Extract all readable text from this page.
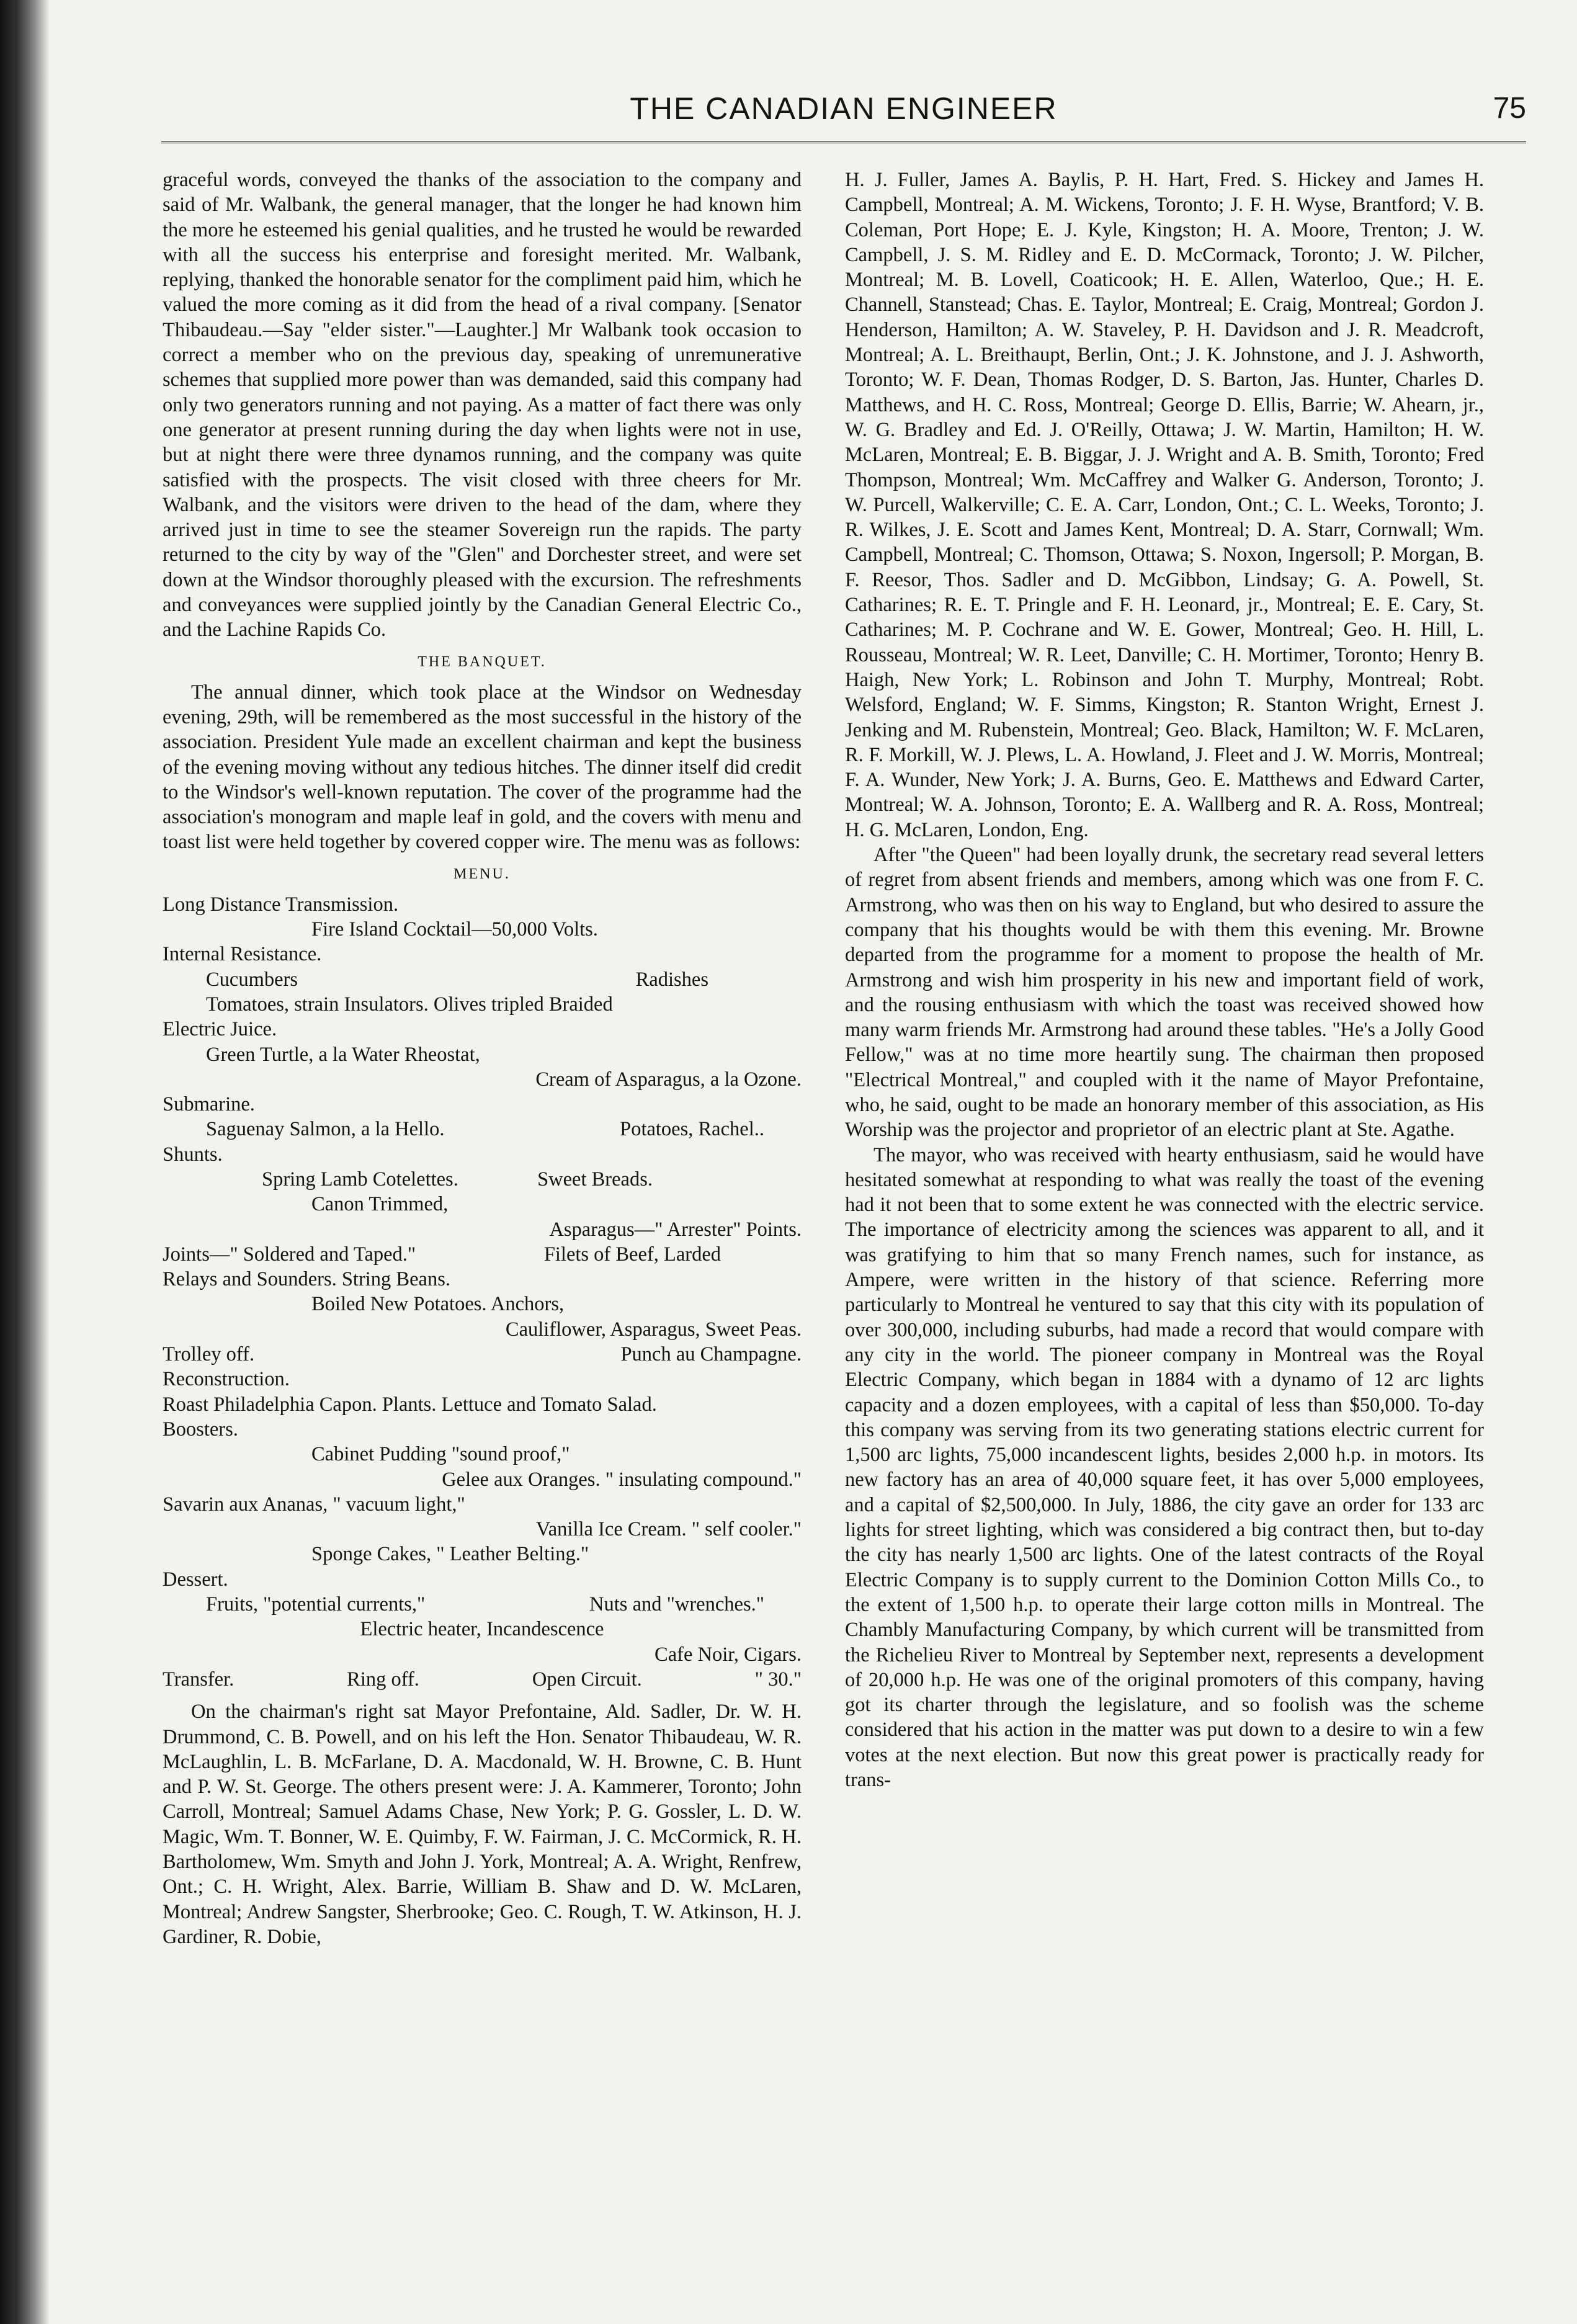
THE CANADIAN ENGINEER	75

graceful words, conveyed the thanks of the association to the company and said of Mr. Walbank, the general manager, that the longer he had known him the more he esteemed his genial qualities, and he trusted he would be rewarded with all the success his enterprise and foresight merited. Mr. Walbank, replying, thanked the honorable senator for the compliment paid him, which he valued the more coming as it did from the head of a rival company. [Senator Thibaudeau.—Say "elder sister."—Laughter.] Mr Walbank took occasion to correct a member who on the previous day, speaking of unremunerative schemes that supplied more power than was demanded, said this company had only two generators running and not paying. As a matter of fact there was only one generator at present running during the day when lights were not in use, but at night there were three dynamos running, and the company was quite satisfied with the prospects. The visit closed with three cheers for Mr. Walbank, and the visitors were driven to the head of the dam, where they arrived just in time to see the steamer Sovereign run the rapids. The party returned to the city by way of the "Glen" and Dorchester street, and were set down at the Windsor thoroughly pleased with the excursion. The refreshments and conveyances were supplied jointly by the Canadian General Electric Co., and the Lachine Rapids Co.

THE BANQUET.

The annual dinner, which took place at the Windsor on Wednesday evening, 29th, will be remembered as the most successful in the history of the association. President Yule made an excellent chairman and kept the business of the evening moving without any tedious hitches. The dinner itself did credit to the Windsor's well-known reputation. The cover of the programme had the association's monogram and maple leaf in gold, and the covers with menu and toast list were held together by covered copper wire. The menu was as follows:

MENU.
Long Distance Transmission.
Fire Island Cocktail—50,000 Volts.
Internal Resistance.
Cucumbers	Radishes
Tomatoes, strain Insulators. Olives tripled Braided
Electric Juice.
Green Turtle, a la Water Rheostat,
Cream of Asparagus, a la Ozone.
Submarine.
Saguenay Salmon, a la Hello.	Potatoes, Rachel..
Shunts.
Spring Lamb Cotelettes.	Sweet Breads.
Canon Trimmed,
Asparagus—" Arrester" Points.
Joints—" Soldered and Taped."	Filets of Beef, Larded
Relays and Sounders. String Beans.
Boiled New Potatoes. Anchors,
Cauliflower, Asparagus, Sweet Peas.
Trolley off.	Punch au Champagne.
Reconstruction.
Roast Philadelphia Capon. Plants. Lettuce and Tomato Salad.
Boosters.
Cabinet Pudding "sound proof,"
Gelee aux Oranges. " insulating compound."
Savarin aux Ananas, " vacuum light,"
Vanilla Ice Cream. " self cooler."
Sponge Cakes, " Leather Belting."
Dessert.
Fruits, "potential currents,"	Nuts and "wrenches."
Electric heater, Incandescence
Cafe Noir, Cigars.
Transfer.	Ring off.	Open Circuit.	" 30."

On the chairman's right sat Mayor Prefontaine, Ald. Sadler, Dr. W. H. Drummond, C. B. Powell, and on his left the Hon. Senator Thibaudeau, W. R. McLaughlin, L. B. McFarlane, D. A. Macdonald, W. H. Browne, C. B. Hunt and P. W. St. George. The others present were: J. A. Kammerer, Toronto; John Carroll, Montreal; Samuel Adams Chase, New York; P. G. Gossler, L. D. W. Magic, Wm. T. Bonner, W. E. Quimby, F. W. Fairman, J. C. McCormick, R. H. Bartholomew, Wm. Smyth and John J. York, Montreal; A. A. Wright, Renfrew, Ont.; C. H. Wright, Alex. Barrie, William B. Shaw and D. W. McLaren, Montreal; Andrew Sangster, Sherbrooke; Geo. C. Rough, T. W. Atkinson, H. J. Gardiner, R. Dobie,

H. J. Fuller, James A. Baylis, P. H. Hart, Fred. S. Hickey and James H. Campbell, Montreal; A. M. Wickens, Toronto; J. F. H. Wyse, Brantford; V. B. Coleman, Port Hope; E. J. Kyle, Kingston; H. A. Moore, Trenton; J. W. Campbell, J. S. M. Ridley and E. D. McCormack, Toronto; J. W. Pilcher, Montreal; M. B. Lovell, Coaticook; H. E. Allen, Waterloo, Que.; H. E. Channell, Stanstead; Chas. E. Taylor, Montreal; E. Craig, Montreal; Gordon J. Henderson, Hamilton; A. W. Staveley, P. H. Davidson and J. R. Meadcroft, Montreal; A. L. Breithaupt, Berlin, Ont.; J. K. Johnstone, and J. J. Ashworth, Toronto; W. F. Dean, Thomas Rodger, D. S. Barton, Jas. Hunter, Charles D. Matthews, and H. C. Ross, Montreal; George D. Ellis, Barrie; W. Ahearn, jr., W. G. Bradley and Ed. J. O'Reilly, Ottawa; J. W. Martin, Hamilton; H. W. McLaren, Montreal; E. B. Biggar, J. J. Wright and A. B. Smith, Toronto; Fred Thompson, Montreal; Wm. McCaffrey and Walker G. Anderson, Toronto; J. W. Purcell, Walkerville; C. E. A. Carr, London, Ont.; C. L. Weeks, Toronto; J. R. Wilkes, J. E. Scott and James Kent, Montreal; D. A. Starr, Cornwall; Wm. Campbell, Montreal; C. Thomson, Ottawa; S. Noxon, Ingersoll; P. Morgan, B. F. Reesor, Thos. Sadler and D. McGibbon, Lindsay; G. A. Powell, St. Catharines; R. E. T. Pringle and F. H. Leonard, jr., Montreal; E. E. Cary, St. Catharines; M. P. Cochrane and W. E. Gower, Montreal; Geo. H. Hill, L. Rousseau, Montreal; W. R. Leet, Danville; C. H. Mortimer, Toronto; Henry B. Haigh, New York; L. Robinson and John T. Murphy, Montreal; Robt. Welsford, England; W. F. Simms, Kingston; R. Stanton Wright, Ernest J. Jenking and M. Rubenstein, Montreal; Geo. Black, Hamilton; W. F. McLaren, R. F. Morkill, W. J. Plews, L. A. Howland, J. Fleet and J. W. Morris, Montreal; F. A. Wunder, New York; J. A. Burns, Geo. E. Matthews and Edward Carter, Montreal; W. A. Johnson, Toronto; E. A. Wallberg and R. A. Ross, Montreal; H. G. McLaren, London, Eng.

After "the Queen" had been loyally drunk, the secretary read several letters of regret from absent friends and members, among which was one from F. C. Armstrong, who was then on his way to England, but who desired to assure the company that his thoughts would be with them this evening. Mr. Browne departed from the programme for a moment to propose the health of Mr. Armstrong and wish him prosperity in his new and important field of work, and the rousing enthusiasm with which the toast was received showed how many warm friends Mr. Armstrong had around these tables. "He's a Jolly Good Fellow," was at no time more heartily sung. The chairman then proposed "Electrical Montreal," and coupled with it the name of Mayor Prefontaine, who, he said, ought to be made an honorary member of this association, as His Worship was the projector and proprietor of an electric plant at Ste. Agathe.

The mayor, who was received with hearty enthusiasm, said he would have hesitated somewhat at responding to what was really the toast of the evening had it not been that to some extent he was connected with the electric service. The importance of electricity among the sciences was apparent to all, and it was gratifying to him that so many French names, such for instance, as Ampere, were written in the history of that science. Referring more particularly to Montreal he ventured to say that this city with its population of over 300,000, including suburbs, had made a record that would compare with any city in the world. The pioneer company in Montreal was the Royal Electric Company, which began in 1884 with a dynamo of 12 arc lights capacity and a dozen employees, with a capital of less than $50,000. To-day this company was serving from its two generating stations electric current for 1,500 arc lights, 75,000 incandescent lights, besides 2,000 h.p. in motors. Its new factory has an area of 40,000 square feet, it has over 5,000 employees, and a capital of $2,500,000. In July, 1886, the city gave an order for 133 arc lights for street lighting, which was considered a big contract then, but to-day the city has nearly 1,500 arc lights. One of the latest contracts of the Royal Electric Company is to supply current to the Dominion Cotton Mills Co., to the extent of 1,500 h.p. to operate their large cotton mills in Montreal. The Chambly Manufacturing Company, by which current will be transmitted from the Richelieu River to Montreal by September next, represents a development of 20,000 h.p. He was one of the original promoters of this company, having got its charter through the legislature, and so foolish was the scheme considered that his action in the matter was put down to a desire to win a few votes at the next election. But now this great power is practically ready for trans-
